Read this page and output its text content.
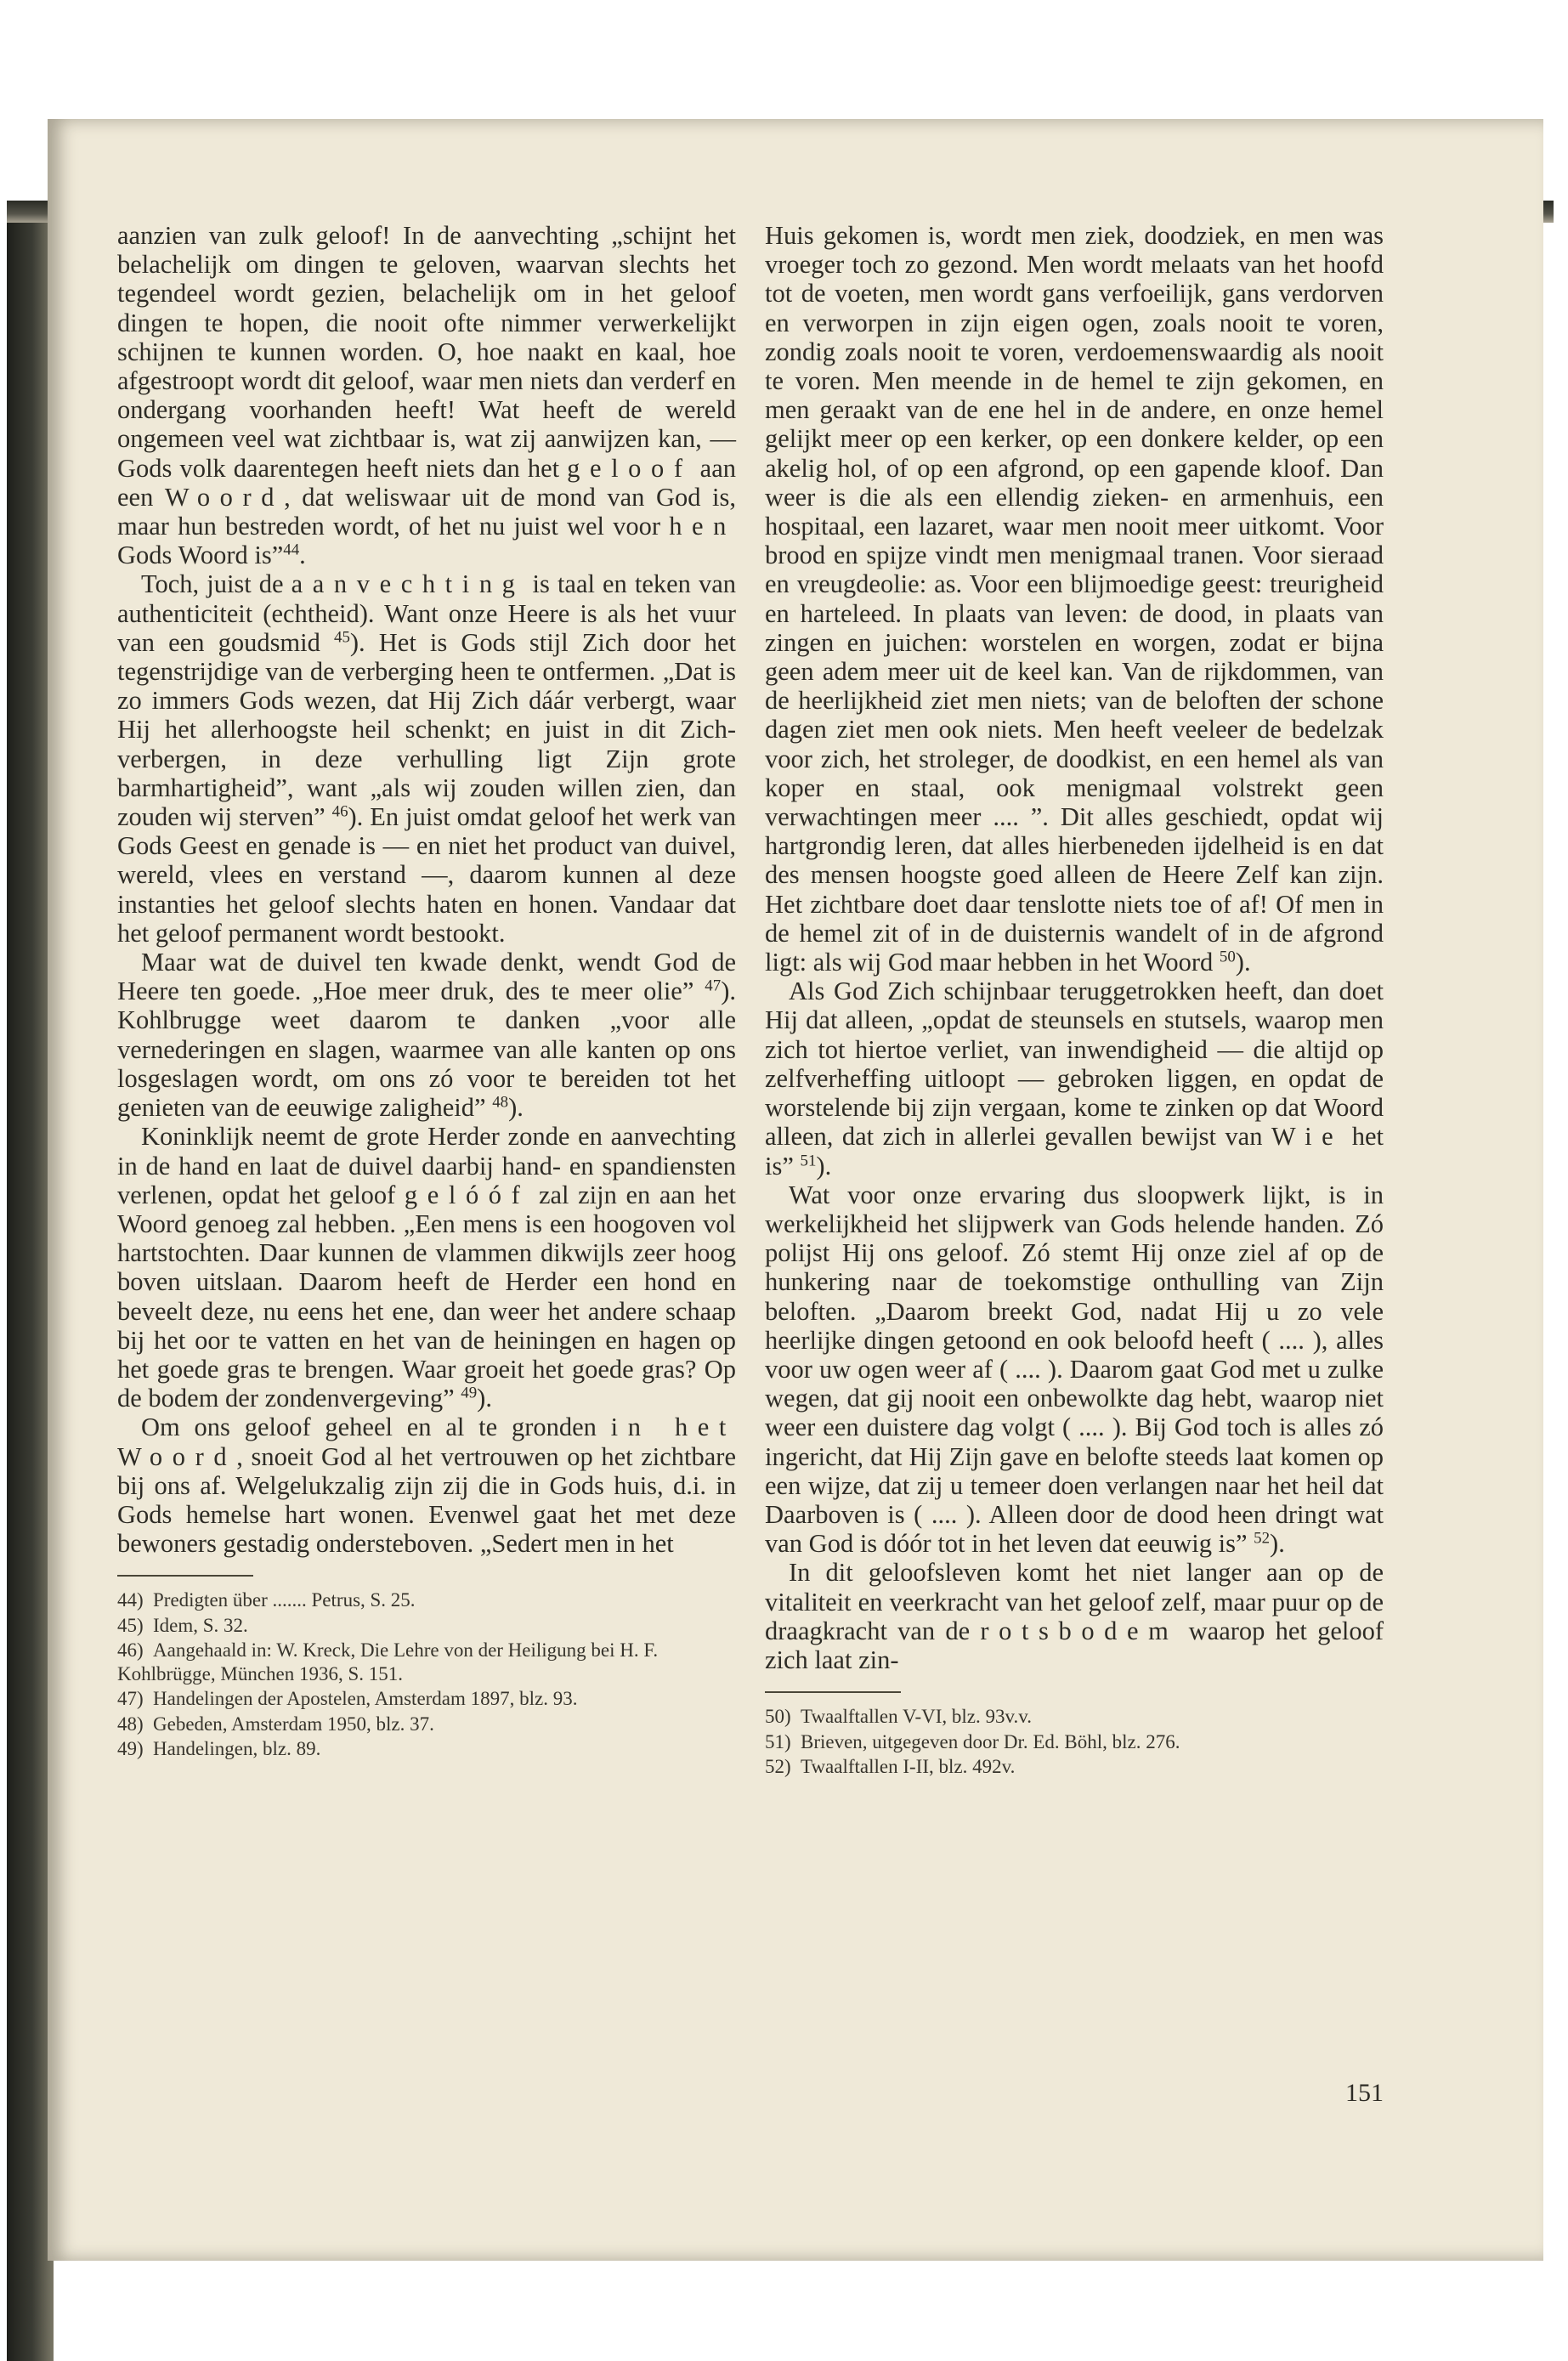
aanzien van zulk geloof! In de aanvechting „schijnt het belachelijk om dingen te geloven, waarvan slechts het tegendeel wordt gezien, belachelijk om in het geloof dingen te hopen, die nooit ofte nimmer verwerkelijkt schijnen te kunnen worden. O, hoe naakt en kaal, hoe afgestroopt wordt dit geloof, waar men niets dan verderf en ondergang voorhanden heeft! Wat heeft de wereld ongemeen veel wat zichtbaar is, wat zij aanwijzen kan, — Gods volk daarentegen heeft niets dan het geloof aan een Woord, dat weliswaar uit de mond van God is, maar hun bestreden wordt, of het nu juist wel voor hen Gods Woord is”$^{44}$.

Toch, juist de aanvechting is taal en teken van authenticiteit (echtheid). Want onze Heere is als het vuur van een goudsmid $^{45}$). Het is Gods stijl Zich door het tegenstrijdige van de verberging heen te ontfermen. „Dat is zo immers Gods wezen, dat Hij Zich dáár verbergt, waar Hij het allerhoogste heil schenkt; en juist in dit Zich-verbergen, in deze verhulling ligt Zijn grote barmhartigheid”, want „als wij zouden willen zien, dan zouden wij sterven” $^{46}$). En juist omdat geloof het werk van Gods Geest en genade is — en niet het product van duivel, wereld, vlees en verstand —, daarom kunnen al deze instanties het geloof slechts haten en honen. Vandaar dat het geloof permanent wordt bestookt.

Maar wat de duivel ten kwade denkt, wendt God de Heere ten goede. „Hoe meer druk, des te meer olie” $^{47}$). Kohlbrugge weet daarom te danken „voor alle vernederingen en slagen, waarmee van alle kanten op ons losgeslagen wordt, om ons zó voor te bereiden tot het genieten van de eeuwige zaligheid” $^{48}$).

Koninklijk neemt de grote Herder zonde en aanvechting in de hand en laat de duivel daarbij hand- en spandiensten verlenen, opdat het geloof gelóóf zal zijn en aan het Woord genoeg zal hebben. „Een mens is een hoogoven vol hartstochten. Daar kunnen de vlammen dikwijls zeer hoog boven uitslaan. Daarom heeft de Herder een hond en beveelt deze, nu eens het ene, dan weer het andere schaap bij het oor te vatten en het van de heiningen en hagen op het goede gras te brengen. Waar groeit het goede gras? Op de bodem der zondenvergeving” $^{49}$).

Om ons geloof geheel en al te gronden in het Woord, snoeit God al het vertrouwen op het zichtbare bij ons af. Welgelukzalig zijn zij die in Gods huis, d.i. in Gods hemelse hart wonen. Evenwel gaat het met deze bewoners gestadig ondersteboven. „Sedert men in het

44) Predigten über ....... Petrus, S. 25.
45) Idem, S. 32.
46) Aangehaald in: W. Kreck, Die Lehre von der Heiligung bei H. F. Kohlbrügge, München 1936, S. 151.
47) Handelingen der Apostelen, Amsterdam 1897, blz. 93.
48) Gebeden, Amsterdam 1950, blz. 37.
49) Handelingen, blz. 89.

Huis gekomen is, wordt men ziek, doodziek, en men was vroeger toch zo gezond. Men wordt melaats van het hoofd tot de voeten, men wordt gans verfoeilijk, gans verdorven en verworpen in zijn eigen ogen, zoals nooit te voren, zondig zoals nooit te voren, verdoemenswaardig als nooit te voren. Men meende in de hemel te zijn gekomen, en men geraakt van de ene hel in de andere, en onze hemel gelijkt meer op een kerker, op een donkere kelder, op een akelig hol, of op een afgrond, op een gapende kloof. Dan weer is die als een ellendig zieken- en armenhuis, een hospitaal, een lazaret, waar men nooit meer uitkomt. Voor brood en spijze vindt men menigmaal tranen. Voor sieraad en vreugdeolie: as. Voor een blijmoedige geest: treurigheid en harteleed. In plaats van leven: de dood, in plaats van zingen en juichen: worstelen en worgen, zodat er bijna geen adem meer uit de keel kan. Van de rijkdommen, van de heerlijkheid ziet men niets; van de beloften der schone dagen ziet men ook niets. Men heeft veeleer de bedelzak voor zich, het stroleger, de doodkist, en een hemel als van koper en staal, ook menigmaal volstrekt geen verwachtingen meer .... ”. Dit alles geschiedt, opdat wij hartgrondig leren, dat alles hierbeneden ijdelheid is en dat des mensen hoogste goed alleen de Heere Zelf kan zijn. Het zichtbare doet daar tenslotte niets toe of af! Of men in de hemel zit of in de duisternis wandelt of in de afgrond ligt: als wij God maar hebben in het Woord $^{50}$).

Als God Zich schijnbaar teruggetrokken heeft, dan doet Hij dat alleen, „opdat de steunsels en stutsels, waarop men zich tot hiertoe verliet, van inwendigheid — die altijd op zelfverheffing uitloopt — gebroken liggen, en opdat de worstelende bij zijn vergaan, kome te zinken op dat Woord alleen, dat zich in allerlei gevallen bewijst van Wie het is” $^{51}$).

Wat voor onze ervaring dus sloopwerk lijkt, is in werkelijkheid het slijpwerk van Gods helende handen. Zó polijst Hij ons geloof. Zó stemt Hij onze ziel af op de hunkering naar de toekomstige onthulling van Zijn beloften. „Daarom breekt God, nadat Hij u zo vele heerlijke dingen getoond en ook beloofd heeft ( .... ), alles voor uw ogen weer af ( .... ). Daarom gaat God met u zulke wegen, dat gij nooit een onbewolkte dag hebt, waarop niet weer een duistere dag volgt ( .... ). Bij God toch is alles zó ingericht, dat Hij Zijn gave en belofte steeds laat komen op een wijze, dat zij u temeer doen verlangen naar het heil dat Daarboven is ( .... ). Alleen door de dood heen dringt wat van God is dóór tot in het leven dat eeuwig is” $^{52}$).

In dit geloofsleven komt het niet langer aan op de vitaliteit en veerkracht van het geloof zelf, maar puur op de draagkracht van de rotsbodem waarop het geloof zich laat zin-

50) Twaalftallen V-VI, blz. 93v.v.
51) Brieven, uitgegeven door Dr. Ed. Böhl, blz. 276.
52) Twaalftallen I-II, blz. 492v.
151
